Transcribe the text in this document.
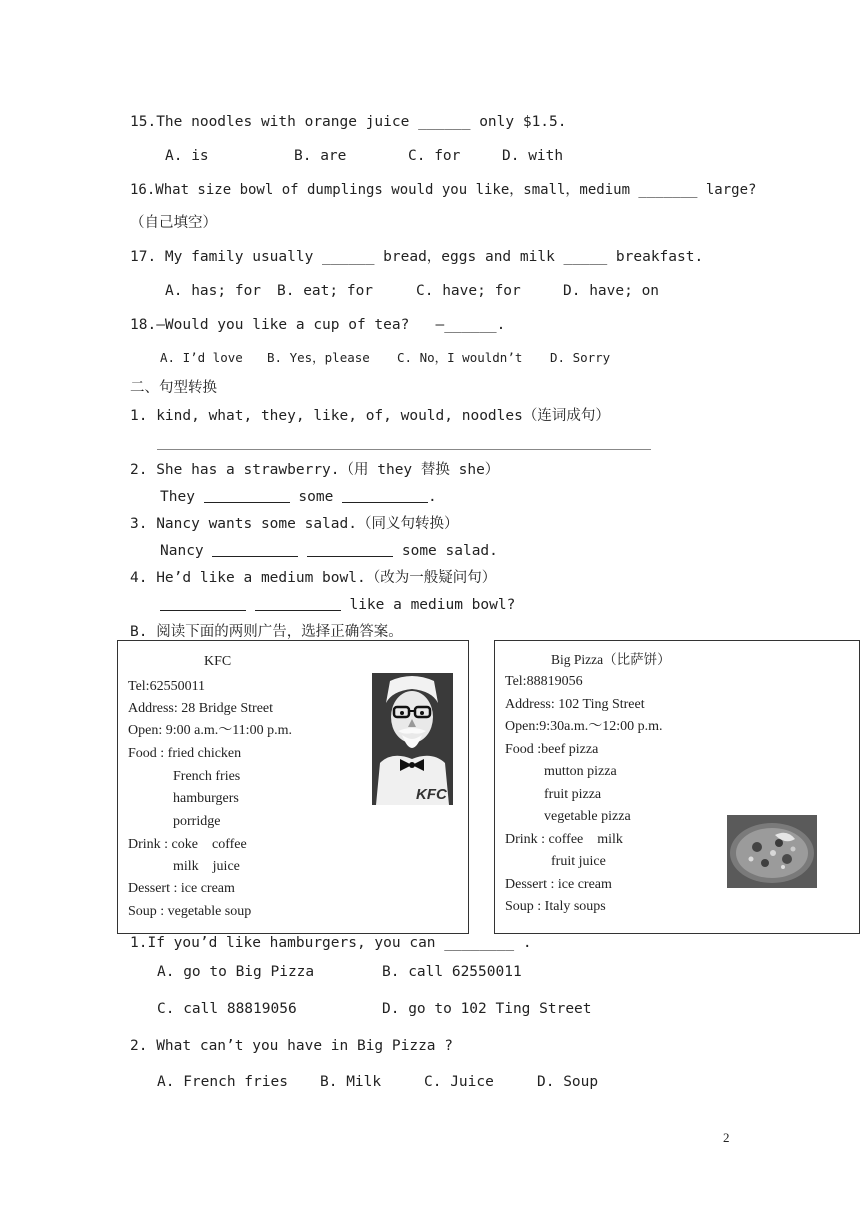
15.The noodles with orange juice ______ only $1.5.
A. is	B. are	C. for	D. with
16.What size bowl of dumplings would you like，small，medium _______ large?
（自己填空）
17. My family usually ______ bread，eggs and milk _____ breakfast.
A. has; for B. eat; for	C. have; for	D. have; on
18.—Would you like a cup of tea?   —______.
A. I’d love B. Yes，please C. No，I wouldn’t D. Sorry
二、句型转换
1. kind, what, they, like, of, would, noodles（连词成句）
2. She has a strawberry.（用 they 替换 she）
They	some	.
3. Nancy wants some salad.（同义句转换）
Nancy	some salad.
4. He’d like a medium bowl.（改为一般疑问句）
like a medium bowl?
B. 阅读下面的两则广告，选择正确答案。
KFC
Tel:62550011
Address: 28 Bridge Street
Open: 9:00 a.m.～11:00 p.m.
Food : fried chicken
French fries
hamburgers
porridge
Drink : coke    coffee
milk    juice
Dessert : ice cream
Soup : vegetable soup
KFC
Big Pizza（比萨饼）
Tel:88819056
Address: 102 Ting Street
Open:9:30a.m.～12:00 p.m.
Food :beef pizza
mutton pizza
fruit pizza
vegetable pizza
Drink : coffee    milk
fruit juice
Dessert : ice cream
Soup : Italy soups
1.If you’d like hamburgers, you can ________ .
A. go to Big Pizza	B. call 62550011
C. call 88819056	D. go to 102 Ting Street
2. What can’t you have in Big Pizza ?
A. French fries B. Milk	C. Juice	D. Soup
2
